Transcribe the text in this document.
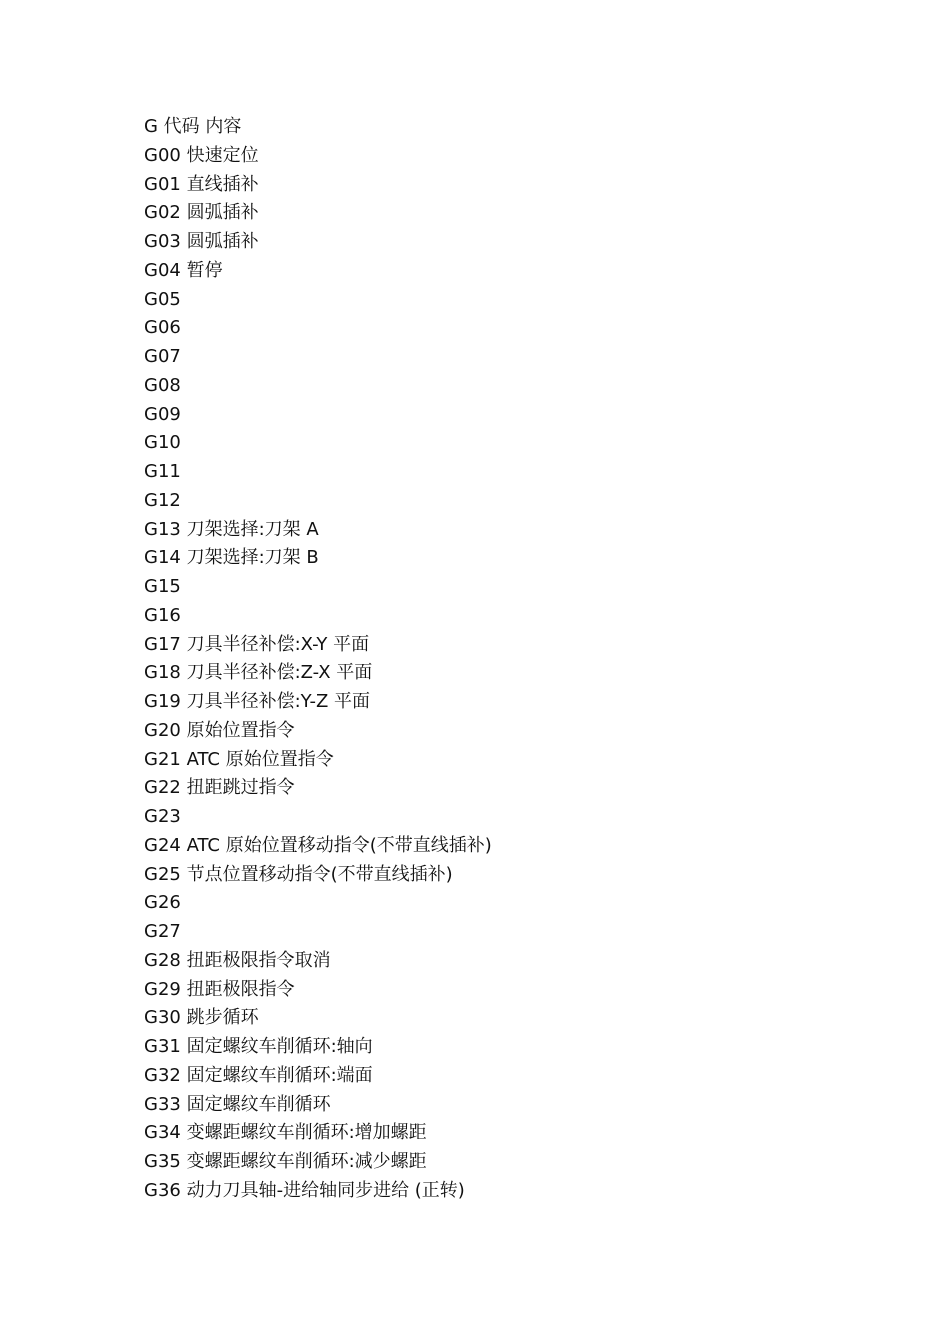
G 代码 内容
G00 快速定位
G01 直线插补
G02 圆弧插补
G03 圆弧插补
G04 暂停
G05
G06
G07
G08
G09
G10
G11
G12
G13 刀架选择:刀架 A
G14 刀架选择:刀架 B
G15
G16
G17 刀具半径补偿:X-Y 平面
G18 刀具半径补偿:Z-X 平面
G19 刀具半径补偿:Y-Z 平面
G20 原始位置指令
G21 ATC 原始位置指令
G22 扭距跳过指令
G23
G24 ATC 原始位置移动指令(不带直线插补)
G25 节点位置移动指令(不带直线插补)
G26
G27
G28 扭距极限指令取消
G29 扭距极限指令
G30 跳步循环
G31 固定螺纹车削循环:轴向
G32 固定螺纹车削循环:端面
G33 固定螺纹车削循环
G34 变螺距螺纹车削循环:增加螺距
G35 变螺距螺纹车削循环:减少螺距
G36 动力刀具轴-进给轴同步进给 (正转)
